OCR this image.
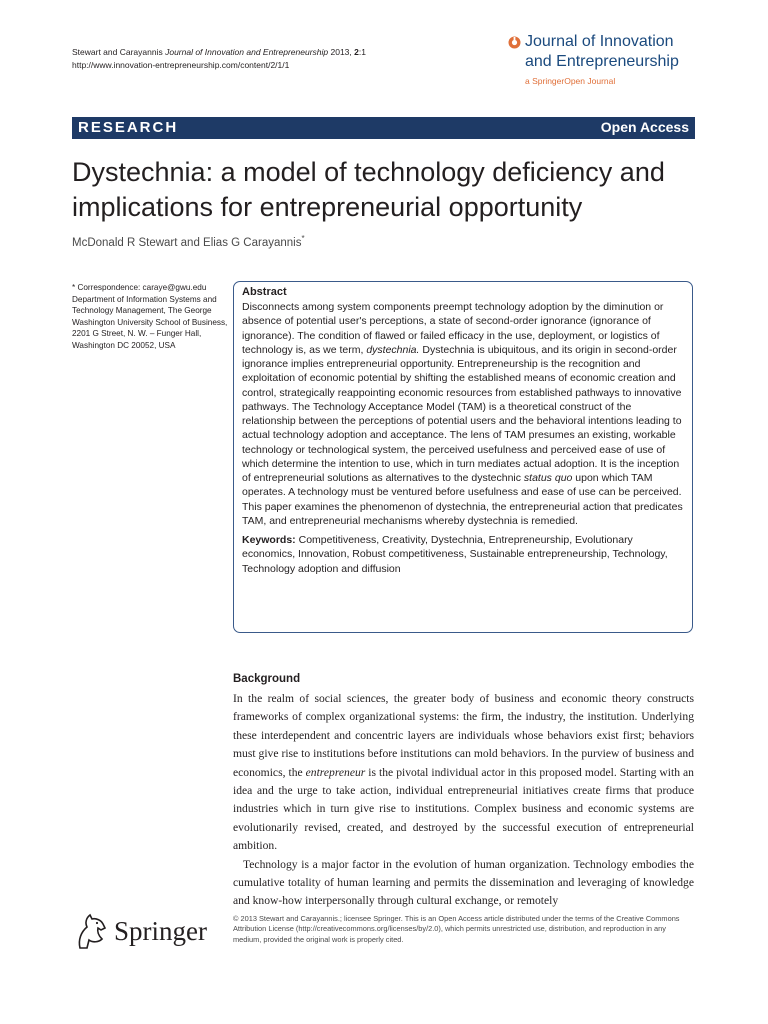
Stewart and Carayannis Journal of Innovation and Entrepreneurship 2013, 2:1
http://www.innovation-entrepreneurship.com/content/2/1/1
Journal of Innovation
and Entrepreneurship
a SpringerOpen Journal
RESEARCH	Open Access
Dystechnia: a model of technology deficiency and implications for entrepreneurial opportunity
McDonald R Stewart and Elias G Carayannis*
* Correspondence: caraye@gwu.edu
Department of Information Systems and Technology Management, The George Washington University School of Business, 2201 G Street, N. W. – Funger Hall, Washington DC 20052, USA
Abstract

Disconnects among system components preempt technology adoption by the diminution or absence of potential user's perceptions, a state of second-order ignorance (ignorance of ignorance). The condition of flawed or failed efficacy in the use, deployment, or logistics of technology is, as we term, dystechnia. Dystechnia is ubiquitous, and its origin in second-order ignorance implies entrepreneurial opportunity. Entrepreneurship is the recognition and exploitation of economic potential by shifting the established means of economic creation and control, strategically reappointing economic resources from established pathways to innovative pathways. The Technology Acceptance Model (TAM) is a theoretical construct of the relationship between the perceptions of potential users and the behavioral intentions leading to actual technology adoption and acceptance. The lens of TAM presumes an existing, workable technology or technological system, the perceived usefulness and perceived ease of use of which determine the intention to use, which in turn mediates actual adoption. It is the inception of entrepreneurial solutions as alternatives to the dystechnic status quo upon which TAM operates. A technology must be ventured before usefulness and ease of use can be perceived. This paper examines the phenomenon of dystechnia, the entrepreneurial action that predicates TAM, and entrepreneurial mechanisms whereby dystechnia is remedied.

Keywords: Competitiveness, Creativity, Dystechnia, Entrepreneurship, Evolutionary economics, Innovation, Robust competitiveness, Sustainable entrepreneurship, Technology, Technology adoption and diffusion
Background

In the realm of social sciences, the greater body of business and economic theory constructs frameworks of complex organizational systems: the firm, the industry, the institution. Underlying these interdependent and concentric layers are individuals whose behaviors exist first; behaviors must give rise to institutions before institutions can mold behaviors. In the purview of business and economics, the entrepreneur is the pivotal individual actor in this proposed model. Starting with an idea and the urge to take action, individual entrepreneurial initiatives create firms that produce industries which in turn give rise to institutions. Complex business and economic systems are evolutionarily revised, created, and destroyed by the successful execution of entrepreneurial ambition.

Technology is a major factor in the evolution of human organization. Technology embodies the cumulative totality of human learning and permits the dissemination and leveraging of knowledge and know-how interpersonally through cultural exchange, or remotely

Springer	© 2013 Stewart and Carayannis.; licensee Springer. This is an Open Access article distributed under the terms of the Creative Commons Attribution License (http://creativecommons.org/licenses/by/2.0), which permits unrestricted use, distribution, and reproduction in any medium, provided the original work is properly cited.
